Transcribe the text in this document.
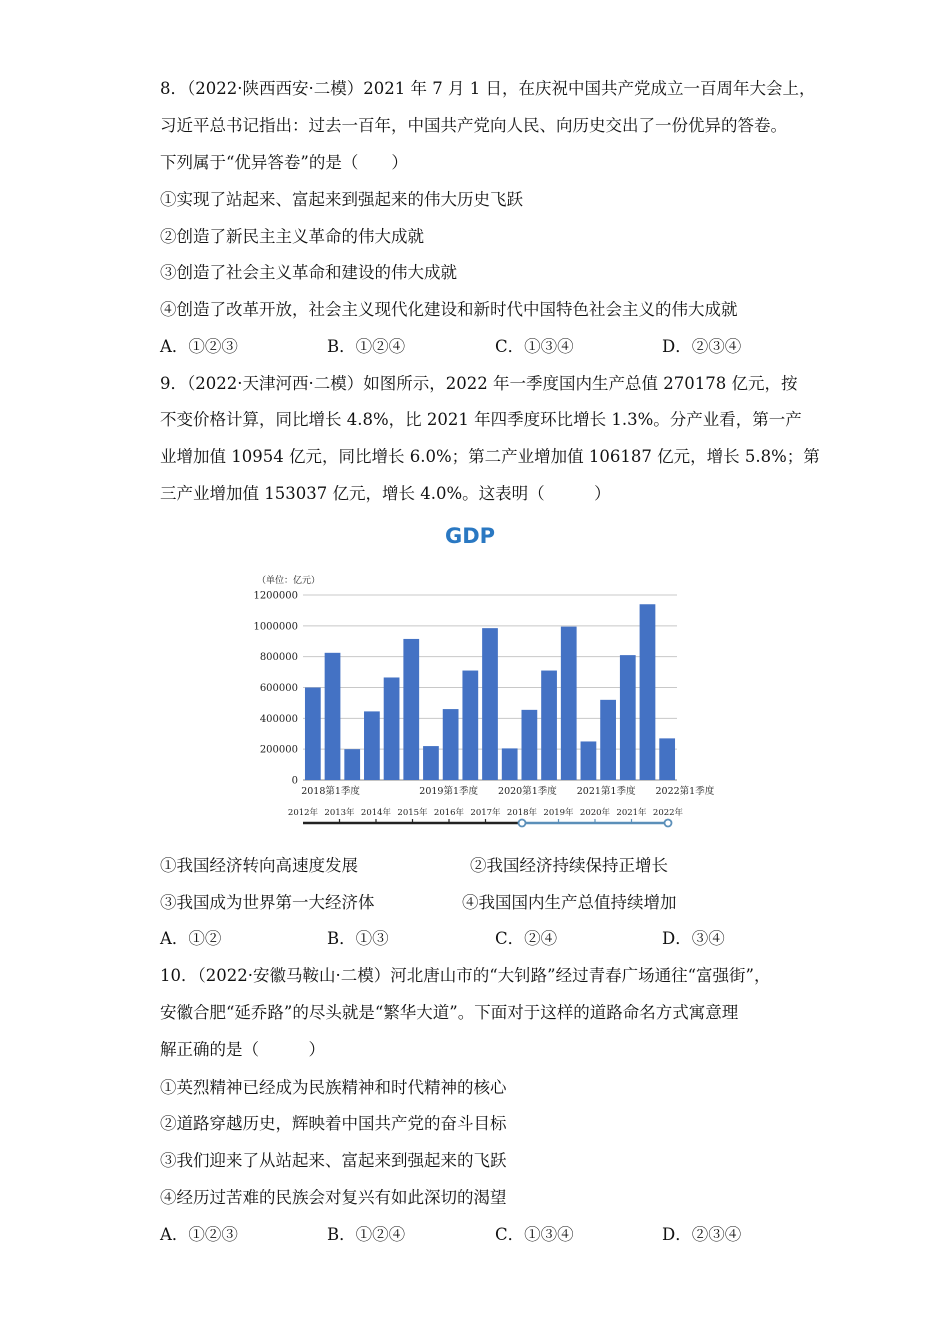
8．（2022·陕西西安·二模）2021 年 7 月 1 日，在庆祝中国共产党成立一百周年大会上，
习近平总书记指出：过去一百年，中国共产党向人民、向历史交出了一份优异的答卷。
下列属于“优异答卷”的是（　　）
①实现了站起来、富起来到强起来的伟大历史飞跃
②创造了新民主主义革命的伟大成就
③创造了社会主义革命和建设的伟大成就
④创造了改革开放，社会主义现代化建设和新时代中国特色社会主义的伟大成就
A．①②③	B．①②④	C．①③④	D．②③④
9．（2022·天津河西·二模）如图所示，2022 年一季度国内生产总值 270178 亿元，按
不变价格计算，同比增长 4.8%，比 2021 年四季度环比增长 1.3%。分产业看，第一产
业增加值 10954 亿元，同比增长 6.0%；第二产业增加值 106187 亿元，增长 5.8%；第
三产业增加值 153037 亿元，增长 4.0%。这表明（　　　）
GDP
（单位：亿元）
0
200000
400000
600000
800000
1000000
1200000
2018第1季度	2019第1季度 2020第1季度 2021第1季度 2022第1季度
2012年 2013年 2014年 2015年 2016年 2017年 2018年 2019年 2020年 2021年 2022年
①我国经济转向高速度发展	②我国经济持续保持正增长
③我国成为世界第一大经济体	④我国国内生产总值持续增加
A．①②	B．①③	C．②④	D．③④
10．（2022·安徽马鞍山·二模）河北唐山市的“大钊路”经过青春广场通往“富强街”，
安徽合肥“延乔路”的尽头就是“繁华大道”。下面对于这样的道路命名方式寓意理
解正确的是（　　　）
①英烈精神已经成为民族精神和时代精神的核心
②道路穿越历史，辉映着中国共产党的奋斗目标
③我们迎来了从站起来、富起来到强起来的飞跃
④经历过苦难的民族会对复兴有如此深切的渴望
A．①②③	B．①②④	C．①③④	D．②③④
